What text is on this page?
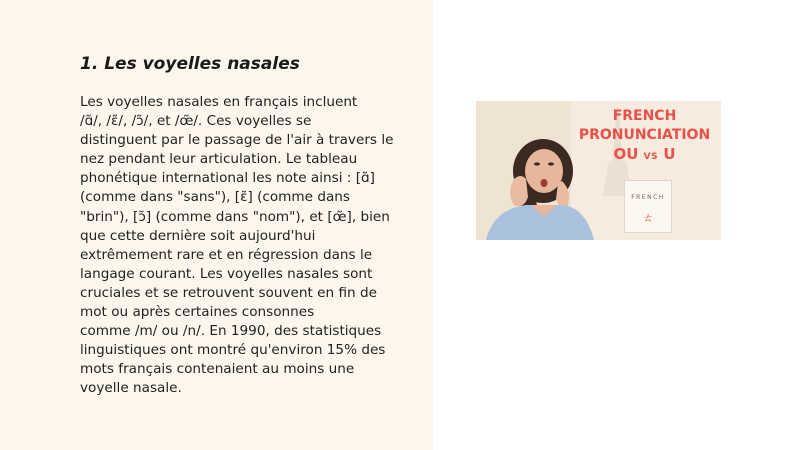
1. Les voyelles nasales
Les voyelles nasales en français incluent
/ɑ̃/, /ɛ̃/, /ɔ̃/, et /œ̃/. Ces voyelles se
distinguent par le passage de l'air à travers le
nez pendant leur articulation. Le tableau
phonétique international les note ainsi : [ɑ̃]
(comme dans "sans"), [ɛ̃] (comme dans
"brin"), [ɔ̃] (comme dans "nom"), et [œ̃], bien
que cette dernière soit aujourd'hui
extrêmement rare et en régression dans le
langage courant. Les voyelles nasales sont
cruciales et se retrouvent souvent en fin de
mot ou après certaines consonnes
comme /m/ ou /n/. En 1990, des statistiques
linguistiques ont montré qu'environ 15% des
mots français contenaient au moins une
voyelle nasale.
FRENCH
PRONUNCIATION
OU VS U
FRENCH
ㄊ
